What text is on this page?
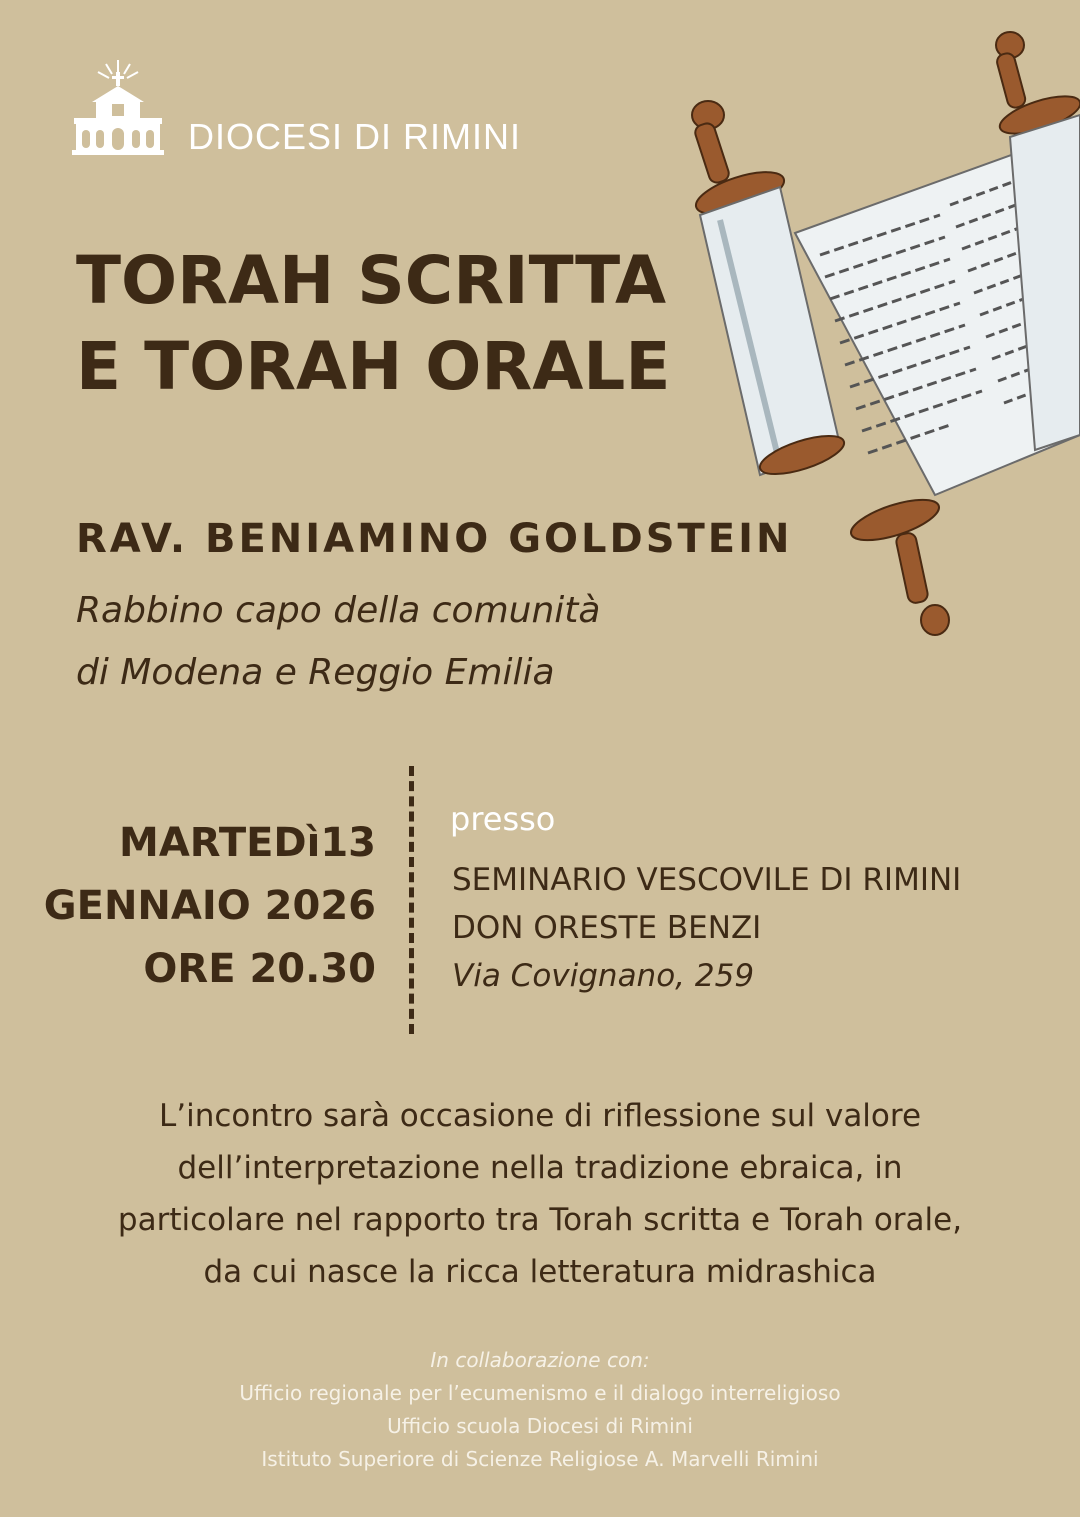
DIOCESI DI RIMINI
TORAH SCRITTA
E TORAH ORALE
RAV. BENIAMINO GOLDSTEIN
Rabbino capo della comunità
di Modena e Reggio Emilia
MARTEDì13
GENNAIO 2026
ORE 20.30
presso
SEMINARIO VESCOVILE DI RIMINI
DON ORESTE BENZI
Via Covignano, 259
L’incontro sarà occasione di riflessione sul valore
dell’interpretazione nella tradizione ebraica, in
particolare nel rapporto tra Torah scritta e Torah orale,
da cui nasce la ricca letteratura midrashica
In collaborazione con:
Ufficio regionale per l’ecumenismo e il dialogo interreligioso
Ufficio scuola Diocesi di Rimini
Istituto Superiore di Scienze Religiose A. Marvelli Rimini
